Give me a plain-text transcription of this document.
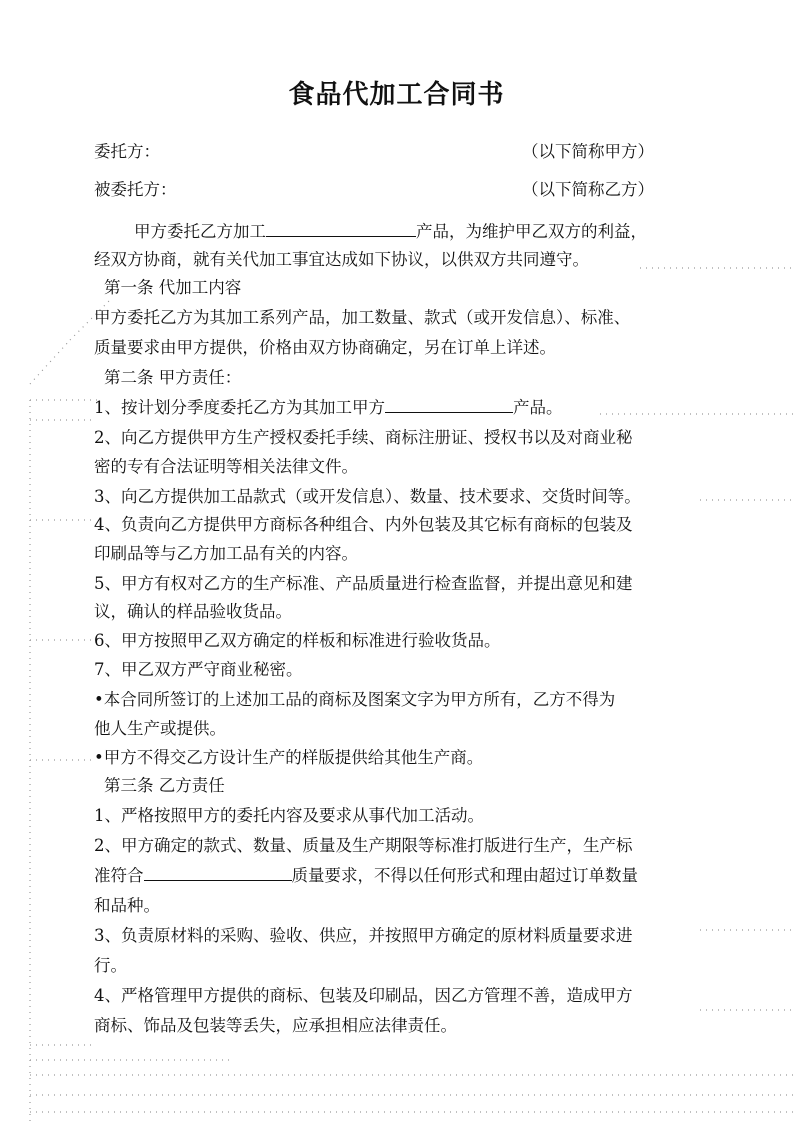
食品代加工合同书
委托方：	（以下简称甲方）
被委托方：	（以下简称乙方）
甲方委托乙方加工	产品，为维护甲乙双方的利益，
经双方协商，就有关代加工事宜达成如下协议，以供双方共同遵守。
第一条 代加工内容
甲方委托乙方为其加工系列产品，加工数量、款式（或开发信息）、标准、
质量要求由甲方提供，价格由双方协商确定，另在订单上详述。
第二条 甲方责任：
1、按计划分季度委托乙方为其加工甲方	产品。
2、向乙方提供甲方生产授权委托手续、商标注册证、授权书以及对商业秘
密的专有合法证明等相关法律文件。
3、向乙方提供加工品款式（或开发信息）、数量、技术要求、交货时间等。
4、负责向乙方提供甲方商标各种组合、内外包装及其它标有商标的包装及
印刷品等与乙方加工品有关的内容。
5、甲方有权对乙方的生产标准、产品质量进行检查监督，并提出意见和建
议，确认的样品验收货品。
6、甲方按照甲乙双方确定的样板和标准进行验收货品。
7、甲乙双方严守商业秘密。
•本合同所签订的上述加工品的商标及图案文字为甲方所有，乙方不得为
他人生产或提供。
•甲方不得交乙方设计生产的样版提供给其他生产商。
第三条 乙方责任
1、严格按照甲方的委托内容及要求从事代加工活动。
2、甲方确定的款式、数量、质量及生产期限等标准打版进行生产，生产标
准符合	质量要求，不得以任何形式和理由超过订单数量
和品种。
3、负责原材料的采购、验收、供应，并按照甲方确定的原材料质量要求进
行。
4、严格管理甲方提供的商标、包装及印刷品，因乙方管理不善，造成甲方
商标、饰品及包装等丢失，应承担相应法律责任。
